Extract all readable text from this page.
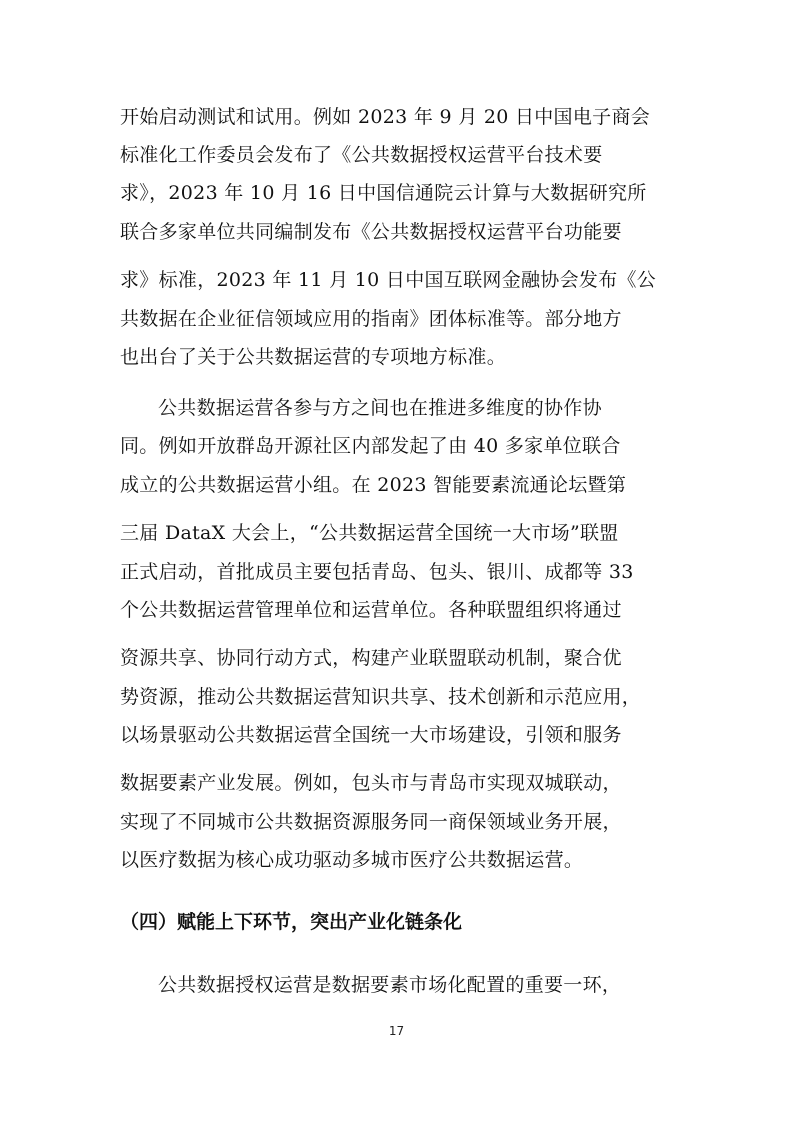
开始启动测试和试用。例如 2023 年 9 月 20 日中国电子商会
标准化工作委员会发布了《公共数据授权运营平台技术要
求》，2023 年 10 月 16 日中国信通院云计算与大数据研究所
联合多家单位共同编制发布《公共数据授权运营平台功能要
求》标准，2023 年 11 月 10 日中国互联网金融协会发布《公
共数据在企业征信领域应用的指南》团体标准等。部分地方
也出台了关于公共数据运营的专项地方标准。
公共数据运营各参与方之间也在推进多维度的协作协
同。例如开放群岛开源社区内部发起了由 40 多家单位联合
成立的公共数据运营小组。在 2023 智能要素流通论坛暨第
三届 DataX 大会上，“公共数据运营全国统一大市场”联盟
正式启动，首批成员主要包括青岛、包头、银川、成都等 33
个公共数据运营管理单位和运营单位。各种联盟组织将通过
资源共享、协同行动方式，构建产业联盟联动机制，聚合优
势资源，推动公共数据运营知识共享、技术创新和示范应用，
以场景驱动公共数据运营全国统一大市场建设，引领和服务
数据要素产业发展。例如，包头市与青岛市实现双城联动，
实现了不同城市公共数据资源服务同一商保领域业务开展，
以医疗数据为核心成功驱动多城市医疗公共数据运营。
（四）赋能上下环节，突出产业化链条化
公共数据授权运营是数据要素市场化配置的重要一环，
17
